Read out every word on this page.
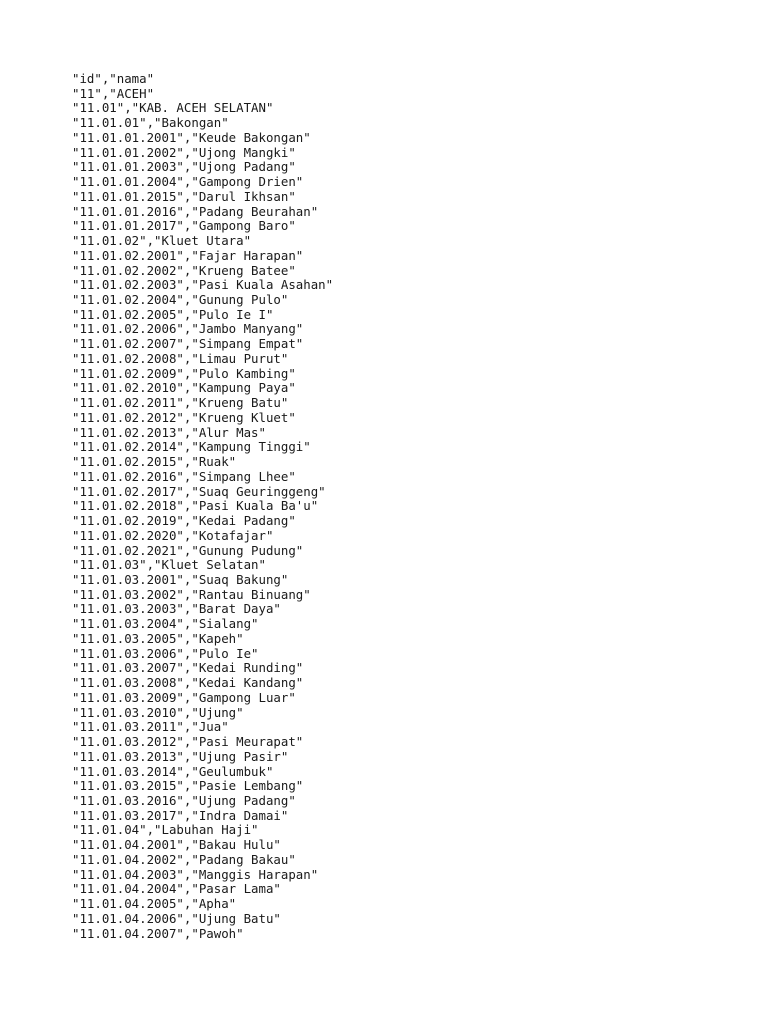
"id","nama"
"11","ACEH"
"11.01","KAB. ACEH SELATAN"
"11.01.01","Bakongan"
"11.01.01.2001","Keude Bakongan"
"11.01.01.2002","Ujong Mangki"
"11.01.01.2003","Ujong Padang"
"11.01.01.2004","Gampong Drien"
"11.01.01.2015","Darul Ikhsan"
"11.01.01.2016","Padang Beurahan"
"11.01.01.2017","Gampong Baro"
"11.01.02","Kluet Utara"
"11.01.02.2001","Fajar Harapan"
"11.01.02.2002","Krueng Batee"
"11.01.02.2003","Pasi Kuala Asahan"
"11.01.02.2004","Gunung Pulo"
"11.01.02.2005","Pulo Ie I"
"11.01.02.2006","Jambo Manyang"
"11.01.02.2007","Simpang Empat"
"11.01.02.2008","Limau Purut"
"11.01.02.2009","Pulo Kambing"
"11.01.02.2010","Kampung Paya"
"11.01.02.2011","Krueng Batu"
"11.01.02.2012","Krueng Kluet"
"11.01.02.2013","Alur Mas"
"11.01.02.2014","Kampung Tinggi"
"11.01.02.2015","Ruak"
"11.01.02.2016","Simpang Lhee"
"11.01.02.2017","Suaq Geuringgeng"
"11.01.02.2018","Pasi Kuala Ba'u"
"11.01.02.2019","Kedai Padang"
"11.01.02.2020","Kotafajar"
"11.01.02.2021","Gunung Pudung"
"11.01.03","Kluet Selatan"
"11.01.03.2001","Suaq Bakung"
"11.01.03.2002","Rantau Binuang"
"11.01.03.2003","Barat Daya"
"11.01.03.2004","Sialang"
"11.01.03.2005","Kapeh"
"11.01.03.2006","Pulo Ie"
"11.01.03.2007","Kedai Runding"
"11.01.03.2008","Kedai Kandang"
"11.01.03.2009","Gampong Luar"
"11.01.03.2010","Ujung"
"11.01.03.2011","Jua"
"11.01.03.2012","Pasi Meurapat"
"11.01.03.2013","Ujung Pasir"
"11.01.03.2014","Geulumbuk"
"11.01.03.2015","Pasie Lembang"
"11.01.03.2016","Ujung Padang"
"11.01.03.2017","Indra Damai"
"11.01.04","Labuhan Haji"
"11.01.04.2001","Bakau Hulu"
"11.01.04.2002","Padang Bakau"
"11.01.04.2003","Manggis Harapan"
"11.01.04.2004","Pasar Lama"
"11.01.04.2005","Apha"
"11.01.04.2006","Ujung Batu"
"11.01.04.2007","Pawoh"
